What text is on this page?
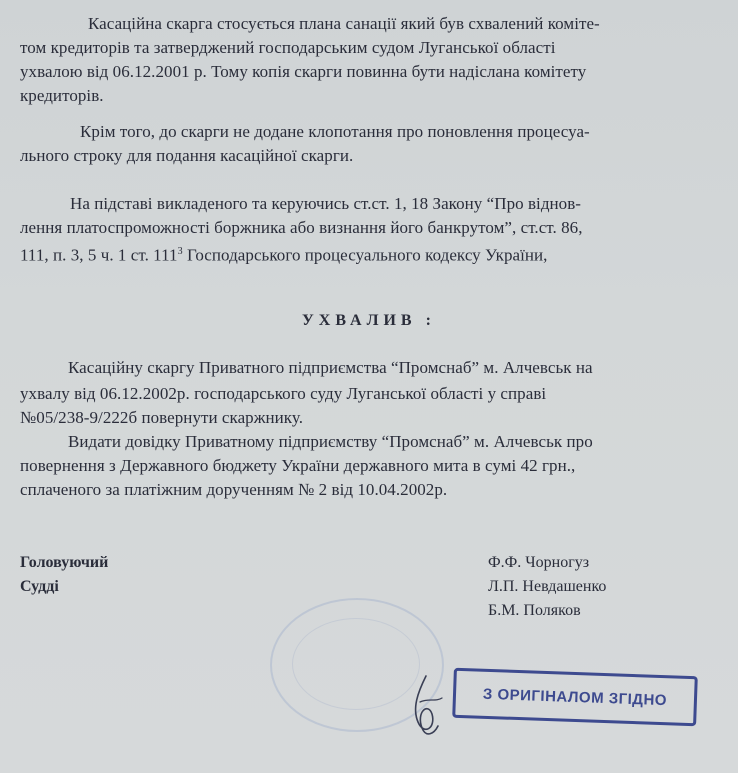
Касаційна скарга стосується плана санації який був схвалений коміте-
том кредиторів та затверджений господарським судом Луганської області
ухвалою від 06.12.2001 р. Тому копія скарги повинна бути надіслана комітету
кредиторів.
Крім того, до скарги не додане клопотання про поновлення процесуа-
льного строку для подання касаційної скарги.
На підставі викладеного та керуючись ст.ст. 1, 18 Закону “Про віднов-
лення платоспроможності боржника або визнання його банкрутом”, ст.ст. 86,
111, п. 3, 5 ч. 1 ст. $111^3$ Господарського процесуального кодексу України,
УХВАЛИВ :
Касаційну скаргу Приватного підприємства “Промснаб” м. Алчевськ на
ухвалу від 06.12.2002р. господарського суду Луганської області у справі
№05/238-9/222б повернути скаржнику.
Видати довідку Приватному підприємству “Промснаб” м. Алчевськ про
повернення з Державного бюджету України державного мита в сумі 42 грн.,
сплаченого за платіжним дорученням № 2 від 10.04.2002р.
Головуючий
Судді
Ф.Ф. Чорногуз
Л.П. Невдашенко
Б.М. Поляков
З ОРИГІНАЛОМ ЗГІДНО
